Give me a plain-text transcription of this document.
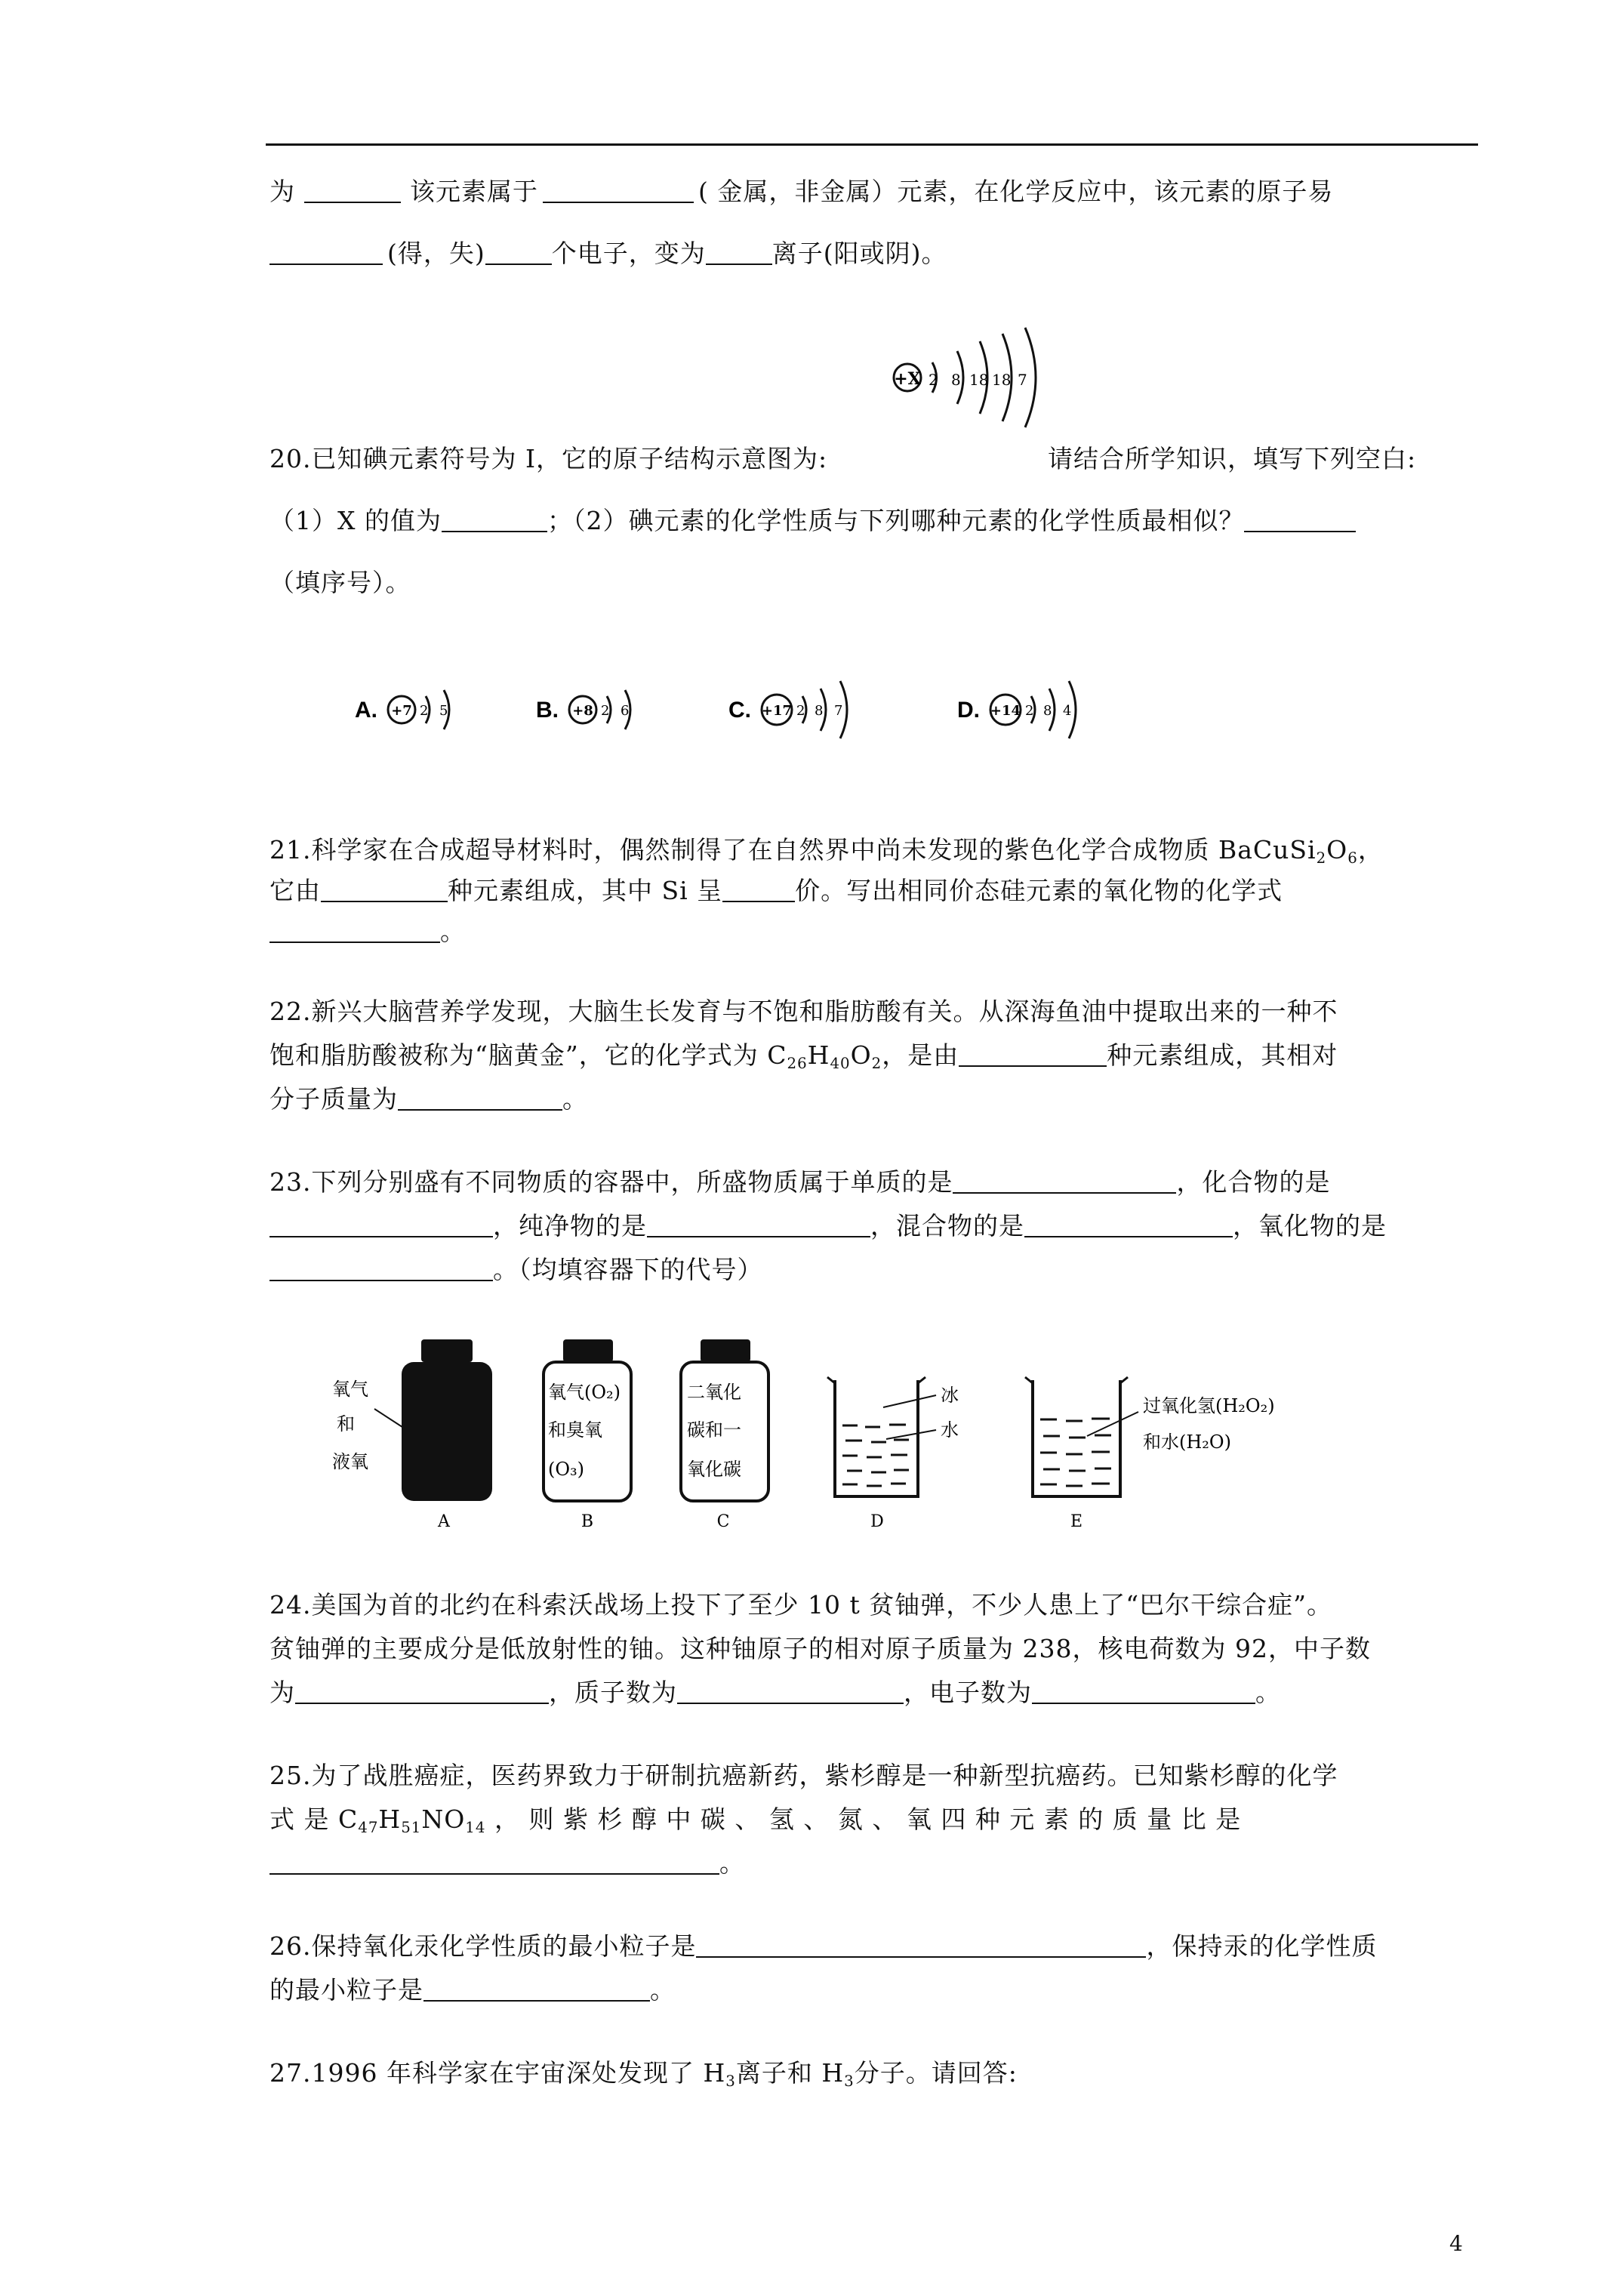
为	该元素属于	( 金属，非金属）元素，在化学反应中，该元素的原子易
(得，失)	个电子，变为	离子(阳或阴)。
+X 2 8 18 18 7
20.已知碘元素符号为 I，它的原子结构示意图为:	请结合所学知识，填写下列空白:
（1）X 的值为	；（2）碘元素的化学性质与下列哪种元素的化学性质最相似？
（填序号）。
A. +7 2 5	B. +8 2 6	C. +17 2 8 7	D. +14 2 8 4
21.科学家在合成超导材料时，偶然制得了在自然界中尚未发现的紫色化学合成物质 $BaCuSi_2O_6$，
它由	种元素组成，其中 Si 呈	价。写出相同价态硅元素的氧化物的化学式
。
22.新兴大脑营养学发现，大脑生长发育与不饱和脂肪酸有关。从深海鱼油中提取出来的一种不
饱和脂肪酸被称为“脑黄金”，它的化学式为 $C_{26}H_{40}O_2$，是由	种元素组成，其相对
分子质量为	。
23.下列分别盛有不同物质的容器中，所盛物质属于单质的是	，化合物的是
，纯净物的是	，混合物的是	，氧化物的是
。（均填容器下的代号）
氧气
和
液氧
A
氧气(O₂)
和臭氧
(O₃)
B
二氧化
碳和一
氧化碳
C
冰
水
D
过氧化氢(H₂O₂)
和水(H₂O)
E
24.美国为首的北约在科索沃战场上投下了至少 10 t 贫铀弹，不少人患上了“巴尔干综合症”。
贫铀弹的主要成分是低放射性的铀。这种铀原子的相对原子质量为 238，核电荷数为 92，中子数
为	，质子数为	，电子数为	。
25.为了战胜癌症，医药界致力于研制抗癌新药，紫杉醇是一种新型抗癌药。已知紫杉醇的化学
式 是 $C_{47}H_{51}NO_{14}$ ， 则 紫 杉 醇 中 碳 、 氢 、 氮 、 氧 四 种 元 素 的 质 量 比 是
。
26.保持氧化汞化学性质的最小粒子是	，保持汞的化学性质
的最小粒子是	。
27.1996 年科学家在宇宙深处发现了 $H_3$离子和 $H_3$分子。请回答:
4
